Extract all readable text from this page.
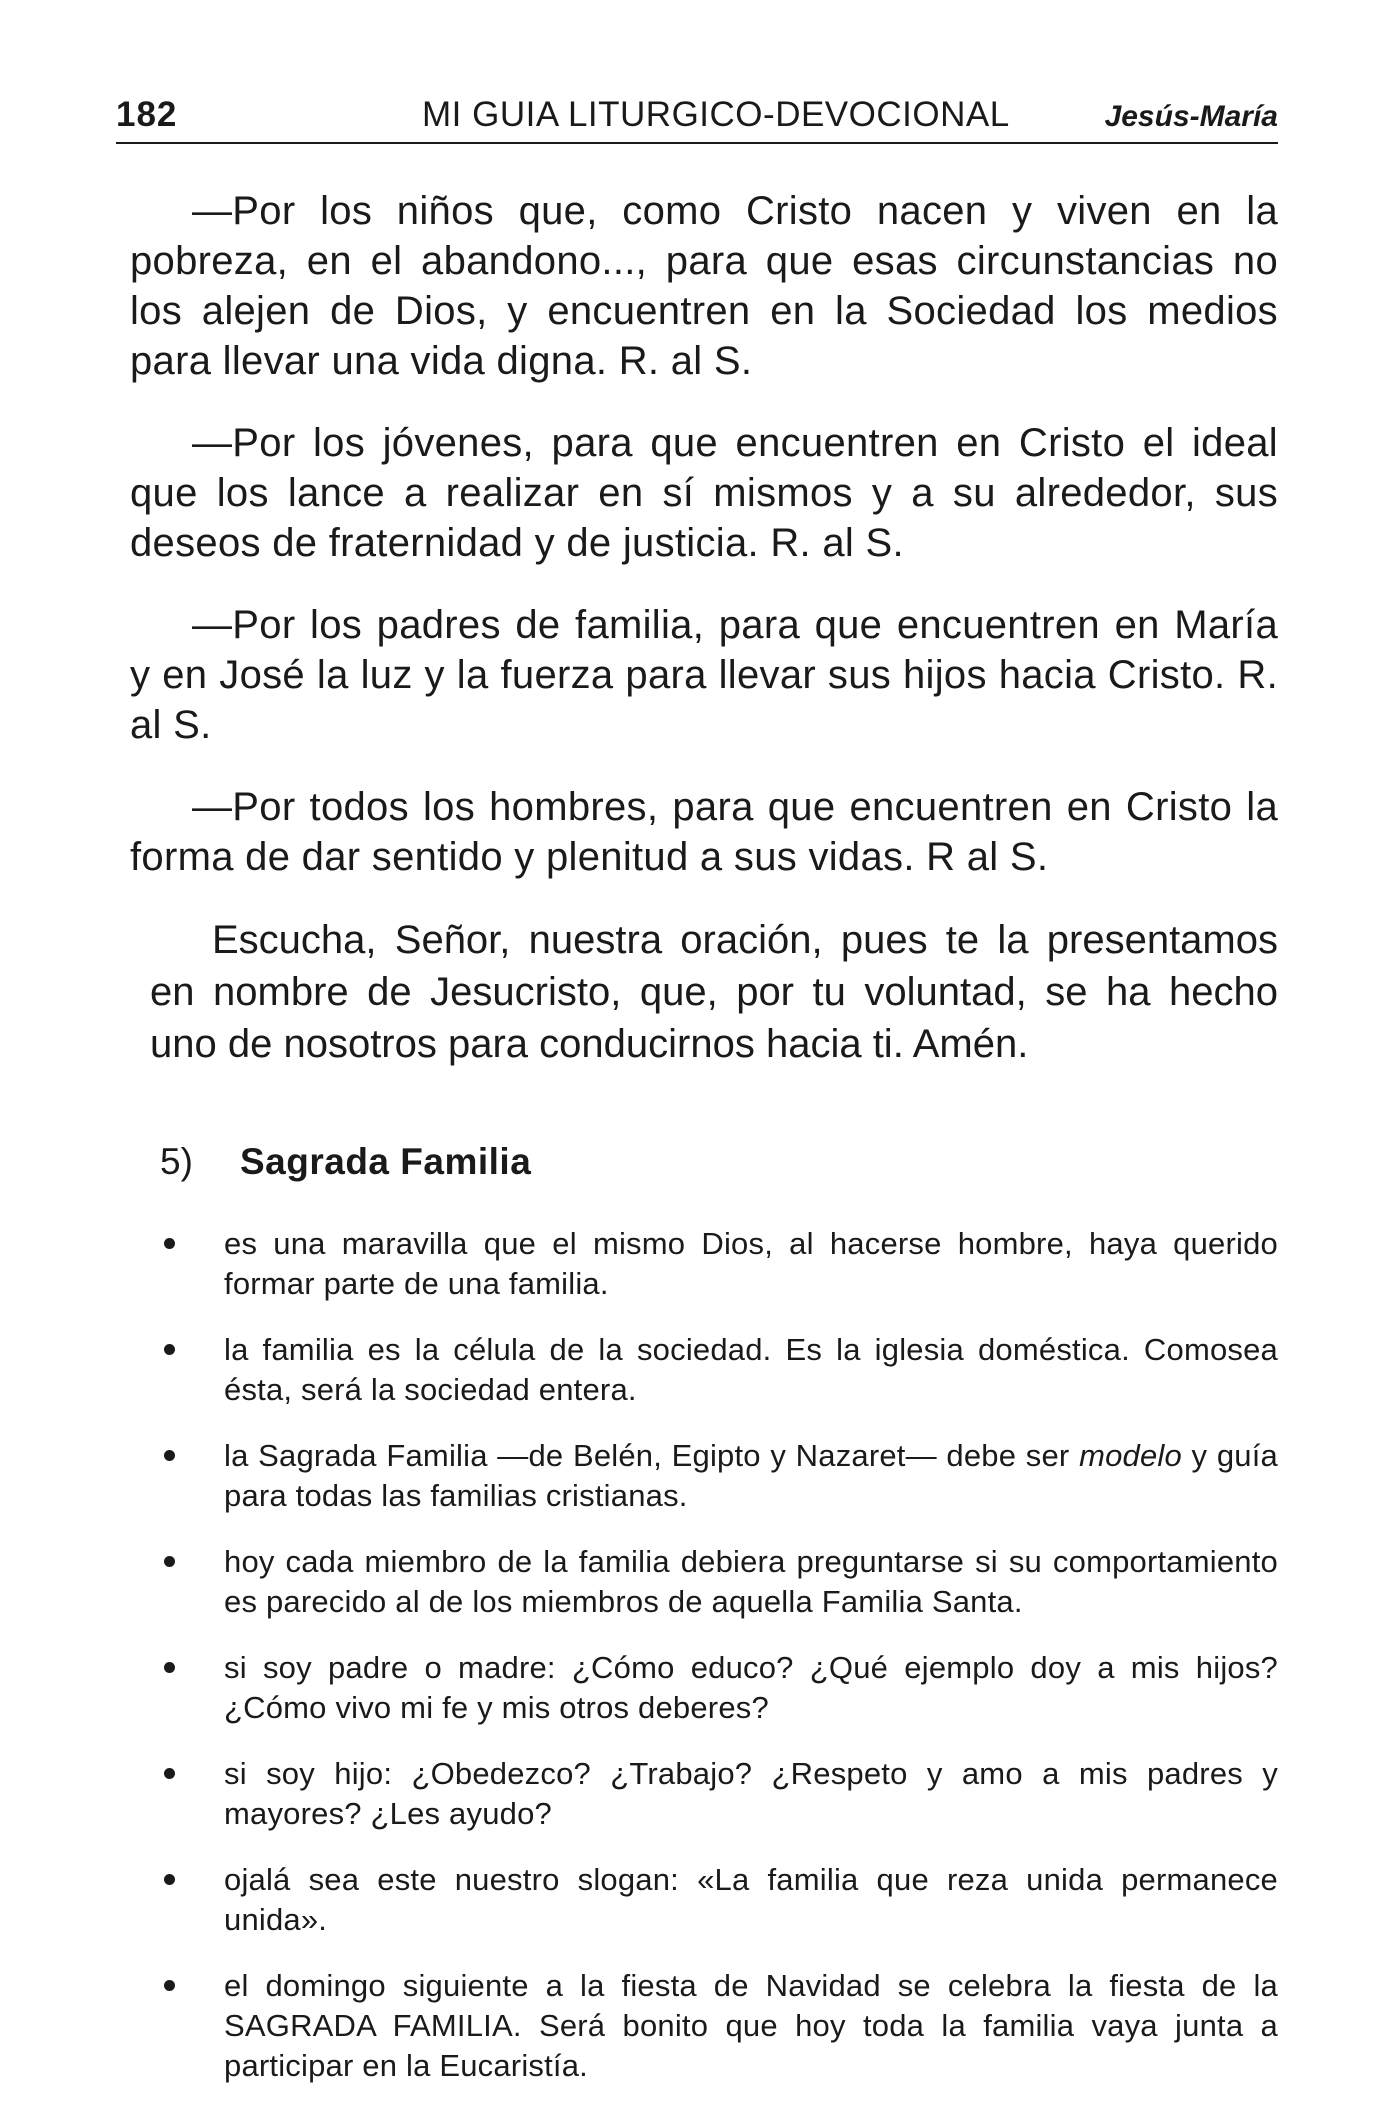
182	MI GUIA LITURGICO-DEVOCIONAL	Jesús-María

—Por los niños que, como Cristo nacen y viven en la pobreza, en el abandono..., para que esas circunstancias no los alejen de Dios, y encuentren en la Sociedad los medios para llevar una vida digna. R. al S.

—Por los jóvenes, para que encuentren en Cristo el ideal que los lance a realizar en sí mismos y a su alrededor, sus deseos de fraternidad y de justicia. R. al S.

—Por los padres de familia, para que encuentren en María y en José la luz y la fuerza para llevar sus hijos hacia Cristo. R. al S.

—Por todos los hombres, para que encuentren en Cristo la forma de dar sentido y plenitud a sus vidas. R al S.

Escucha, Señor, nuestra oración, pues te la presentamos en nombre de Jesucristo, que, por tu voluntad, se ha hecho uno de nosotros para conducirnos hacia ti. Amén.

5) Sagrada Familia
es una maravilla que el mismo Dios, al hacerse hombre, haya querido formar parte de una familia.
la familia es la célula de la sociedad. Es la iglesia doméstica. Comosea ésta, será la sociedad entera.
la Sagrada Familia —de Belén, Egipto y Nazaret— debe ser modelo y guía para todas las familias cristianas.
hoy cada miembro de la familia debiera preguntarse si su comportamiento es parecido al de los miembros de aquella Familia Santa.
si soy padre o madre: ¿Cómo educo? ¿Qué ejemplo doy a mis hijos? ¿Cómo vivo mi fe y mis otros deberes?
si soy hijo: ¿Obedezco? ¿Trabajo? ¿Respeto y amo a mis padres y mayores? ¿Les ayudo?
ojalá sea este nuestro slogan: «La familia que reza unida permanece unida».
el domingo siguiente a la fiesta de Navidad se celebra la fiesta de la SAGRADA FAMILIA. Será bonito que hoy toda la familia vaya junta a participar en la Eucaristía.
